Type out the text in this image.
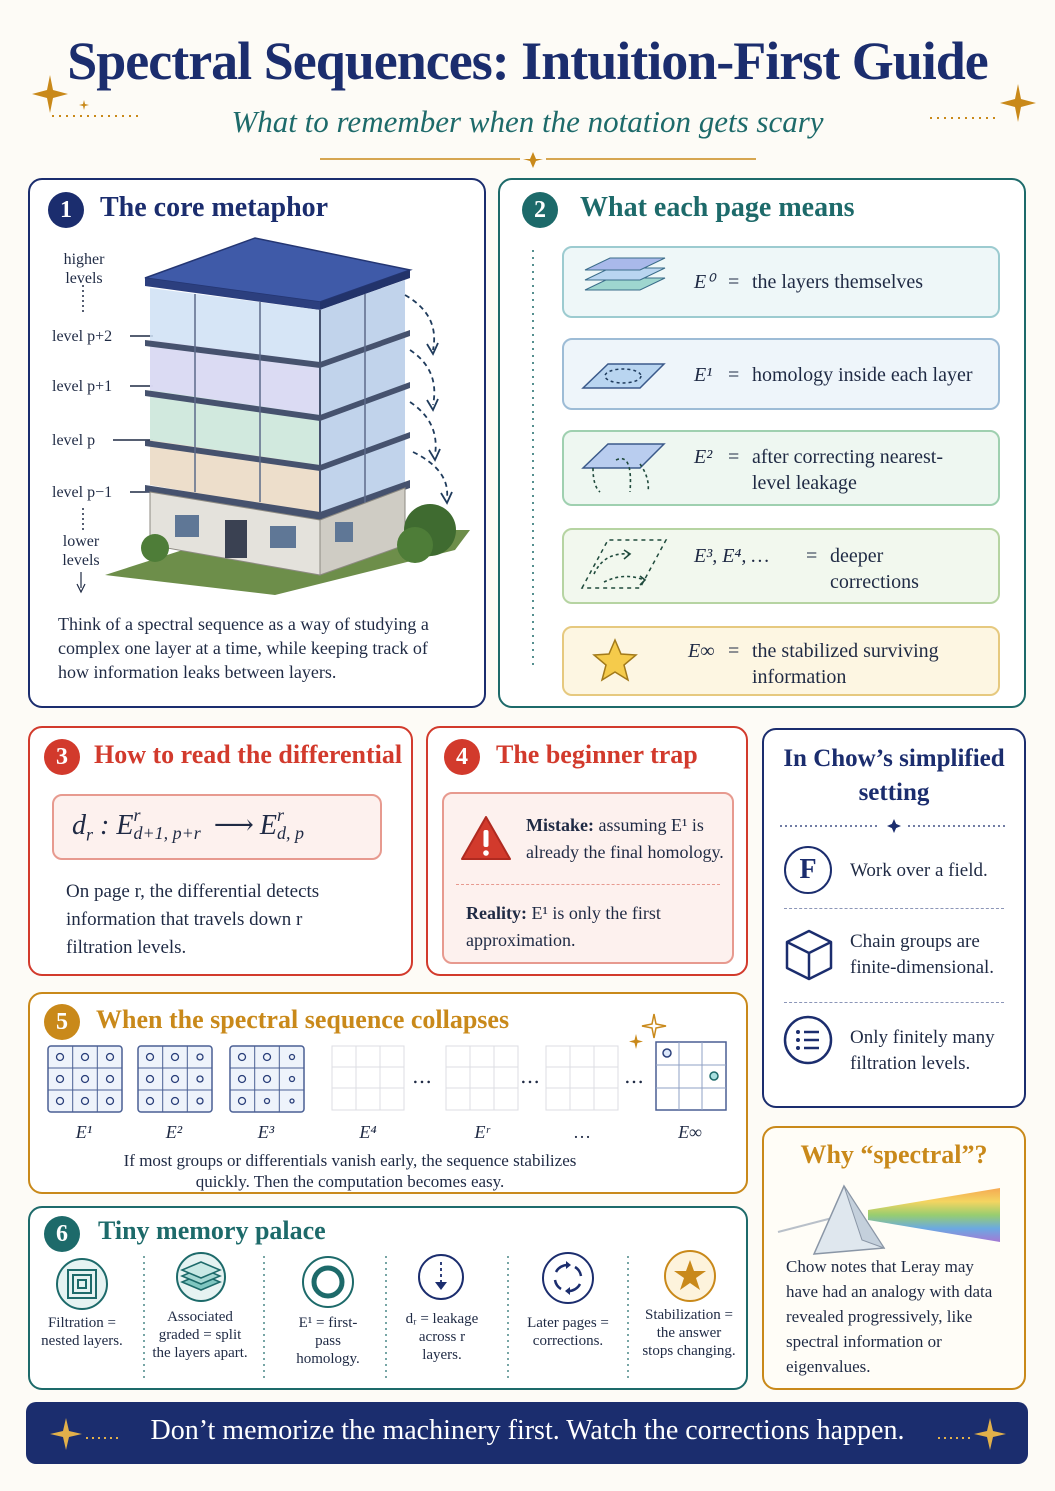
Spectral Sequences: Intuition-First Guide
What to remember when the notation gets scary
1	The core metaphor
higher levels
level p+2
level p+1
level p
level p−1
lower levels
Think of a spectral sequence as a way of studying a complex one layer at a time, while keeping track of how information leaks between layers.
2	What each page means
E⁰ = the layers themselves
E¹ = homology inside each layer
E² = after correcting nearest-level leakage
E³, E⁴, … = deeper corrections
E∞ = the stabilized surviving information
3	How to read the differential
$d_r$ : E r
d+1, p+r ⟶ E r
d, p
On page r, the differential detects information that travels down r filtration levels.
4	The beginner trap
Mistake: assuming E¹ is already the final homology.
Reality: E¹ is only the first approximation.
In Chow’s simplified setting
F	Work over a field.
Chain groups are finite-dimensional.
Only finitely many filtration levels.
5	When the spectral sequence collapses
…	…	…
E¹	E²	E³	E⁴	Eʳ	…	E∞
If most groups or differentials vanish early, the sequence stabilizes quickly. Then the computation becomes easy.
6	Tiny memory palace
Filtration = nested layers.
Associated graded = split the layers apart.
E¹ = first-pass homology.
dᵣ = leakage across r layers.
Later pages = corrections.
Stabilization = the answer stops changing.
Why “spectral”?
Chow notes that Leray may have had an analogy with data revealed progressively, like spectral information or eigenvalues.
Don’t memorize the machinery first. Watch the corrections happen.
